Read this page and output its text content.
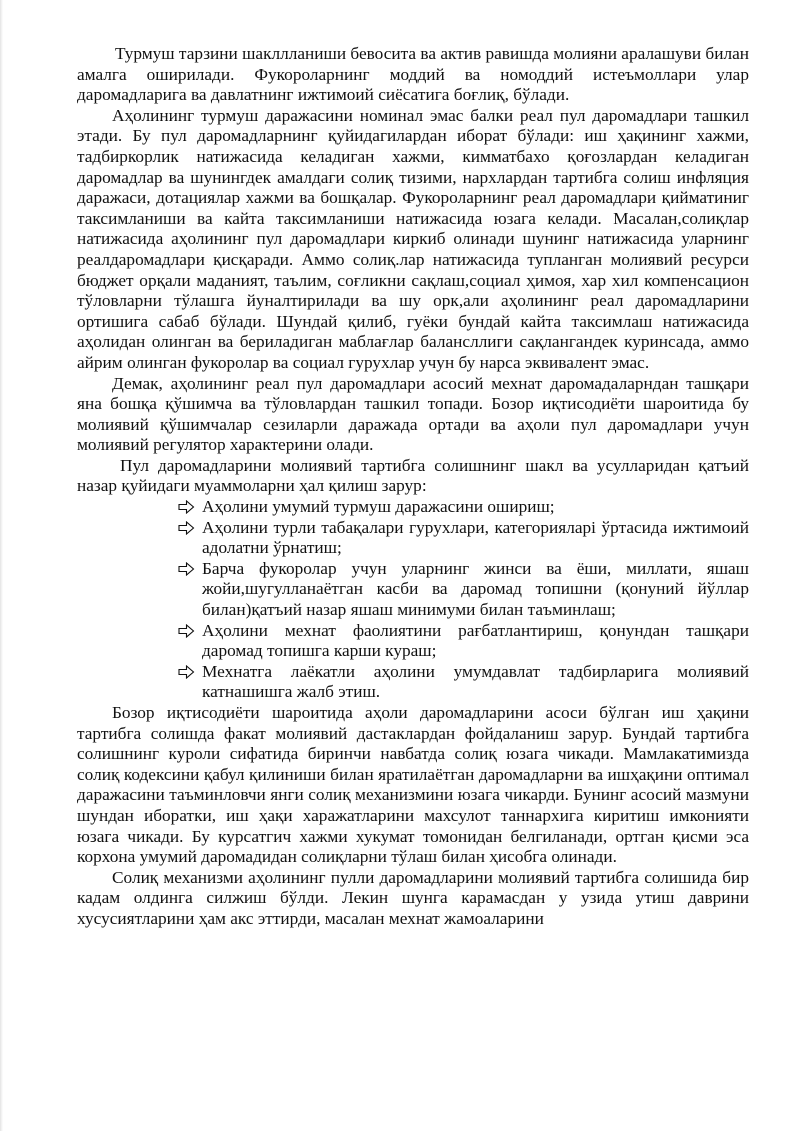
Турмуш тарзини шакллланиши бевосита ва актив равишда молияни аралашуви билан амалга оширилади. Фукороларнинг моддий ва номоддий истеъмоллари улар даромадларига ва давлатнинг ижтимоий сиёсатига боғлиқ, бўлади.

Аҳолининг турмуш даражасини номинал эмас балки реал пул даромадлари ташкил этади. Бу пул даромадларнинг қуйидагилардан иборат бўлади: иш ҳақининг хажми, тадбиркорлик натижасида келадиган хажми, кимматбахо қоғозлардан келадиган даромадлар ва шунингдек амалдаги солиқ тизими, нархлардан тартибга солиш инфляция даражаси, дотациялар хажми ва бошқалар. Фукороларнинг реал даромадлари қийматиниг таксимланиши ва кайта таксимланиши натижасида юзага келади. Масалан,солиқлар натижасида аҳолининг пул даромадлари киркиб олинади шунинг натижасида уларнинг реалдаромадлари қисқаради. Аммо солиқ.лар натижасида тупланган молиявий ресурси бюджет орқали маданият, таълим, соғликни сақлаш,социал ҳимоя, хар хил компенсацион тўловларни тўлашга йуналтирилади ва шу орк,али аҳолининг реал даромадларини ортишига сабаб бўлади. Шундай қилиб, гуёки бундай кайта таксимлаш натижасида аҳолидан олинган ва бериладиган маблағлар балансллиги сақлангандек куринсада, аммо айрим олинган фукоролар ва социал гурухлар учун бу нарса эквивалент эмас.

Демак, аҳолининг реал пул даромадлари асосий мехнат даромадаларндан ташқари яна бошқа қўшимча ва тўловлардан ташкил топади. Бозор иқтисодиёти шароитида бу молиявий қўшимчалар сезиларли даражада ортади ва аҳоли пул даромадлари учун молиявий регулятор характерини олади.

Пул даромадларини молиявий тартибга солишнинг шакл ва усулларидан қатъий назар қуйидаги муаммоларни ҳал қилиш зарур:

Аҳолини умумий турмуш даражасини ошириш;
Аҳолини турли табақалари гурухлари, категорияларi ўртасида ижтимоий адолатни ўрнатиш;
Барча фукоролар учун уларнинг жинси ва ёши, миллати, яшаш жойи,шугулланаётган касби ва даромад топишни (қонуний йўллар билан)қатъий назар яшаш минимуми билан таъминлаш;
Аҳолини мехнат фаолиятини рағбатлантириш, қонундан ташқари даромад топишга карши кураш;
Мехнатга лаёкатли аҳолини умумдавлат тадбирларига молиявий катнашишга жалб этиш.

Бозор иқтисодиёти шароитида аҳоли даромадларини асоси бўлган иш ҳақини тартибга солишда факат молиявий дастаклардан фойдаланиш зарур. Бундай тартибга солишнинг куроли сифатида биринчи навбатда солиқ юзага чикади. Мамлакатимизда солиқ кодексини қабул қилиниши билан яратилаётган даромадларни ва ишҳақини оптимал даражасини таъминловчи янги солиқ механизмини юзага чикарди. Бунинг асосий мазмуни шундан иборатки, иш ҳақи харажатларини махсулот таннархига киритиш имконияти юзага чикади. Бу курсатгич хажми хукумат томонидан белгиланади, ортган қисми эса корхона умумий даромадидан солиқларни тўлаш билан ҳисобга олинади.

Солиқ механизми аҳолининг пулли даромадларини молиявий тартибга солишида бир кадам олдинга силжиш бўлди. Лекин шунга карамасдан у узида утиш даврини хусусиятларини ҳам акс эттирди, масалан мехнат жамоаларини
